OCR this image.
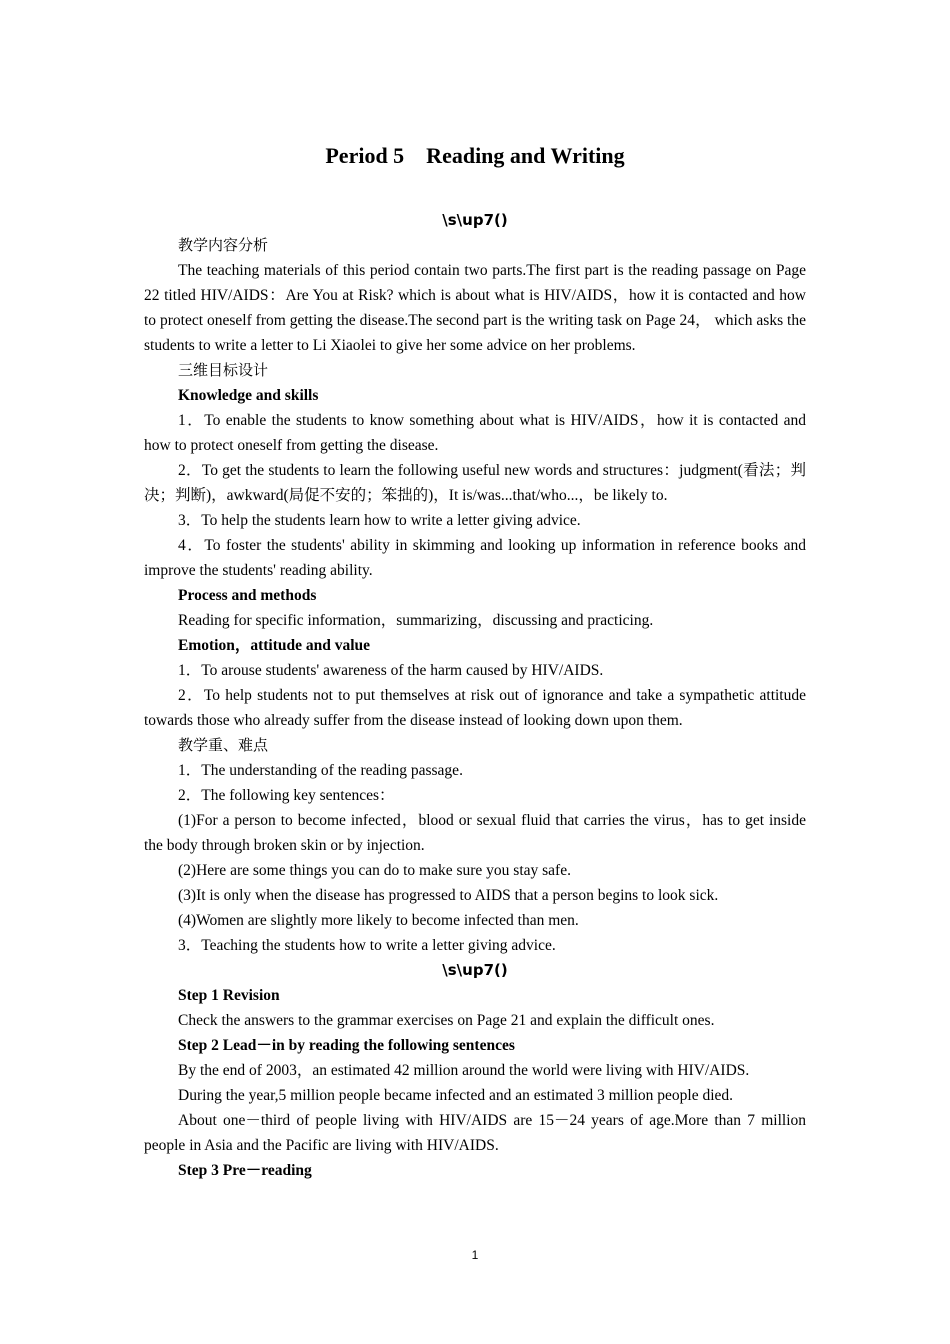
Period 5    Reading and Writing

\s\up7()

教学内容分析

The teaching materials of this period contain two parts.The first part is the reading passage on Page 22 titled HIV/AIDS：Are You at Risk? which is about what is HIV/AIDS，how it is contacted and how to protect oneself from getting the disease.The second part is the writing task on Page 24， which asks the students to write a letter to Li Xiaolei to give her some advice on her problems.

三维目标设计

Knowledge and skills

1．To enable the students to know something about what is HIV/AIDS，how it is contacted and how to protect oneself from getting the disease.

2．To get the students to learn the following useful new words and structures：judgment(看法；判决；判断)，awkward(局促不安的；笨拙的)，It is/was...that/who...，be likely to.

3．To help the students learn how to write a letter giving advice.

4．To foster the students' ability in skimming and looking up information in reference books and improve the students' reading ability.

Process and methods

Reading for specific information，summarizing，discussing and practicing.

Emotion，attitude and value

1．To arouse students' awareness of the harm caused by HIV/AIDS.

2．To help students not to put themselves at risk out of ignorance and take a sympathetic attitude towards those who already suffer from the disease instead of looking down upon them.

教学重、难点

1．The understanding of the reading passage.

2．The following key sentences：

(1)For a person to become infected，blood or sexual fluid that carries the virus，has to get inside the body through broken skin or by injection.

(2)Here are some things you can do to make sure you stay safe.

(3)It is only when the disease has progressed to AIDS that a person begins to look sick.

(4)Women are slightly more likely to become infected than men.

3．Teaching the students how to write a letter giving advice.

\s\up7()

Step 1 Revision

Check the answers to the grammar exercises on Page 21 and explain the difficult ones.

Step 2 Lead－in by reading the following sentences

By the end of 2003，an estimated 42 million around the world were living with HIV/AIDS.

During the year,5 million people became infected and an estimated 3 million people died.

About one－third of people living with HIV/AIDS are 15－24 years of age.More than 7 million people in Asia and the Pacific are living with HIV/AIDS.

Step 3 Pre－reading

1
